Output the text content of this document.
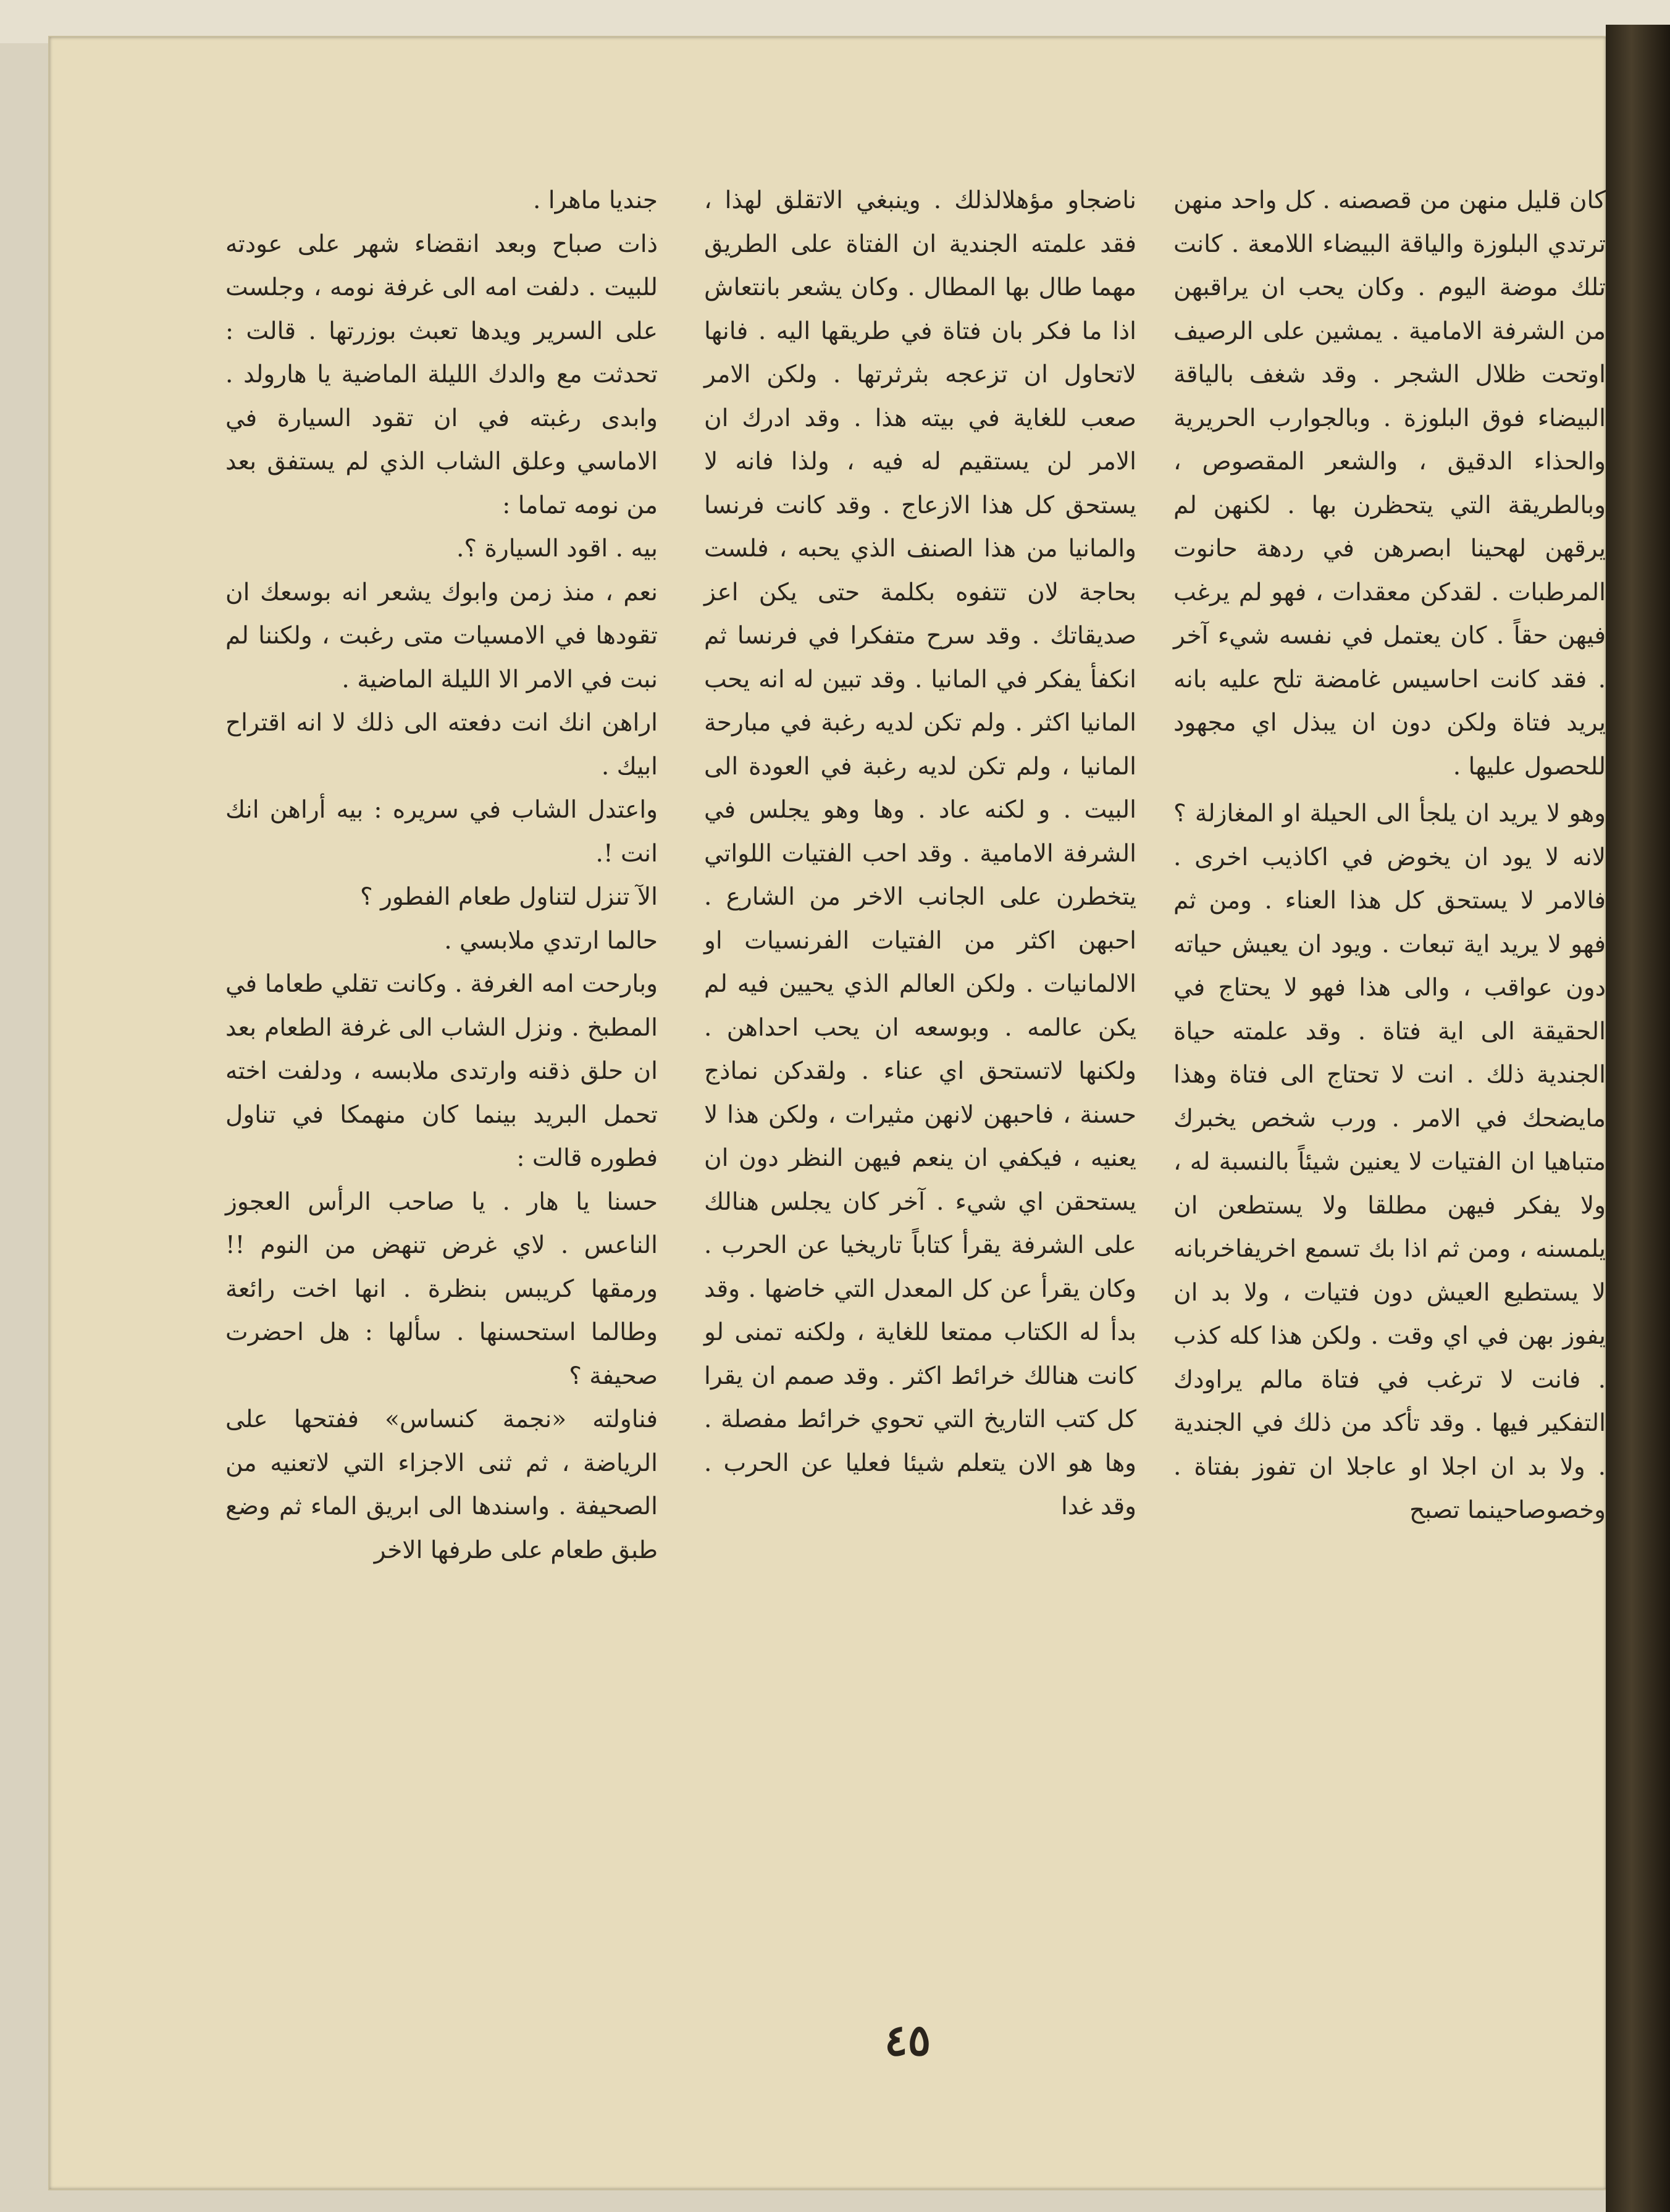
كان قليل منهن من قصصنه . كل واحد منهن ترتدي البلوزة والياقة البيضاء اللامعة . كانت تلك موضة اليوم . وكان يحب ان يراقبهن من الشرفة الامامية . يمشين على الرصيف اوتحت ظلال الشجر . وقد شغف بالياقة البيضاء فوق البلوزة . وبالجوارب الحريرية والحذاء الدقيق ، والشعر المقصوص ، وبالطريقة التي يتحظرن بها . لكنهن لم يرقهن لهحينا ابصرهن في ردهة حانوت المرطبات . لقدكن معقدات ، فهو لم يرغب فيهن حقاً . كان يعتمل في نفسه شيء آخر . فقد كانت احاسيس غامضة تلح عليه بانه يريد فتاة ولكن دون ان يبذل اي مجهود للحصول عليها .

وهو لا يريد ان يلجأ الى الحيلة او المغازلة ؟ لانه لا يود ان يخوض في اكاذيب اخرى . فالامر لا يستحق كل هذا العناء . ومن ثم فهو لا يريد اية تبعات . ويود ان يعيش حياته دون عواقب ، والى هذا فهو لا يحتاج في الحقيقة الى اية فتاة . وقد علمته حياة الجندية ذلك . انت لا تحتاج الى فتاة وهذا مايضحك في الامر . ورب شخص يخبرك متباهيا ان الفتيات لا يعنين شيئاً بالنسبة له ، ولا يفكر فيهن مطلقا ولا يستطعن ان يلمسنه ، ومن ثم اذا بك تسمع اخريفاخربانه لا يستطيع العيش دون فتيات ، ولا بد ان يفوز بهن في اي وقت . ولكن هذا كله كذب . فانت لا ترغب في فتاة مالم يراودك التفكير فيها . وقد تأكد من ذلك في الجندية . ولا بد ان اجلا او عاجلا ان تفوز بفتاة . وخصوصاحينما تصبح

ناضجاو مؤهلالذلك . وينبغي الاتقلق لهذا ، فقد علمته الجندية ان الفتاة على الطريق مهما طال بها المطال . وكان يشعر بانتعاش اذا ما فكر بان فتاة في طريقها اليه . فانها لاتحاول ان تزعجه بثرثرتها . ولكن الامر صعب للغاية في بيته هذا . وقد ادرك ان الامر لن يستقيم له فيه ، ولذا فانه لا يستحق كل هذا الازعاج . وقد كانت فرنسا والمانيا من هذا الصنف الذي يحبه ، فلست بحاجة لان تتفوه بكلمة حتى يكن اعز صديقاتك . وقد سرح متفكرا في فرنسا ثم انكفأ يفكر في المانيا . وقد تبين له انه يحب المانيا اكثر . ولم تكن لديه رغبة في مبارحة المانيا ، ولم تكن لديه رغبة في العودة الى البيت . و لكنه عاد . وها وهو يجلس في الشرفة الامامية . وقد احب الفتيات اللواتي يتخطرن على الجانب الاخر من الشارع . احبهن اكثر من الفتيات الفرنسيات او الالمانيات . ولكن العالم الذي يحيين فيه لم يكن عالمه . وبوسعه ان يحب احداهن . ولكنها لاتستحق اي عناء . ولقدكن نماذج حسنة ، فاحبهن لانهن مثيرات ، ولكن هذا لا يعنيه ، فيكفي ان ينعم فيهن النظر دون ان يستحقن اي شيء . آخر كان يجلس هنالك على الشرفة يقرأ كتاباً تاريخيا عن الحرب . وكان يقرأ عن كل المعدل التي خاضها . وقد بدأ له الكتاب ممتعا للغاية ، ولكنه تمنى لو كانت هنالك خرائط اكثر . وقد صمم ان يقرا كل كتب التاريخ التي تحوي خرائط مفصلة . وها هو الان يتعلم شيئا فعليا عن الحرب . وقد غدا

جنديا ماهرا .

ذات صباح وبعد انقضاء شهر على عودته للبيت . دلفت امه الى غرفة نومه ، وجلست على السرير ويدها تعبث بوزرتها . قالت : تحدثت مع والدك الليلة الماضية يا هارولد . وابدى رغبته في ان تقود السيارة في الاماسي وعلق الشاب الذي لم يستفق بعد من نومه تماما :

بيه . اقود السيارة ؟.

نعم ، منذ زمن وابوك يشعر انه بوسعك ان تقودها في الامسيات متى رغبت ، ولكننا لم نبت في الامر الا الليلة الماضية .

اراهن انك انت دفعته الى ذلك لا انه اقتراح ابيك .

واعتدل الشاب في سريره : بيه أراهن انك انت !.

الآ تنزل لتناول طعام الفطور ؟

حالما ارتدي ملابسي .

وبارحت امه الغرفة . وكانت تقلي طعاما في المطبخ . ونزل الشاب الى غرفة الطعام بعد ان حلق ذقنه وارتدى ملابسه ، ودلفت اخته تحمل البريد بينما كان منهمكا في تناول فطوره قالت :

حسنا يا هار . يا صاحب الرأس العجوز الناعس . لاي غرض تنهض من النوم !! ورمقها كريبس بنظرة . انها اخت رائعة وطالما استحسنها . سألها : هل احضرت صحيفة ؟

فناولته «نجمة كنساس» ففتحها على الرياضة ، ثم ثنى الاجزاء التي لاتعنيه من الصحيفة . واسندها الى ابريق الماء ثم وضع طبق طعام على طرفها الاخر

٤٥
